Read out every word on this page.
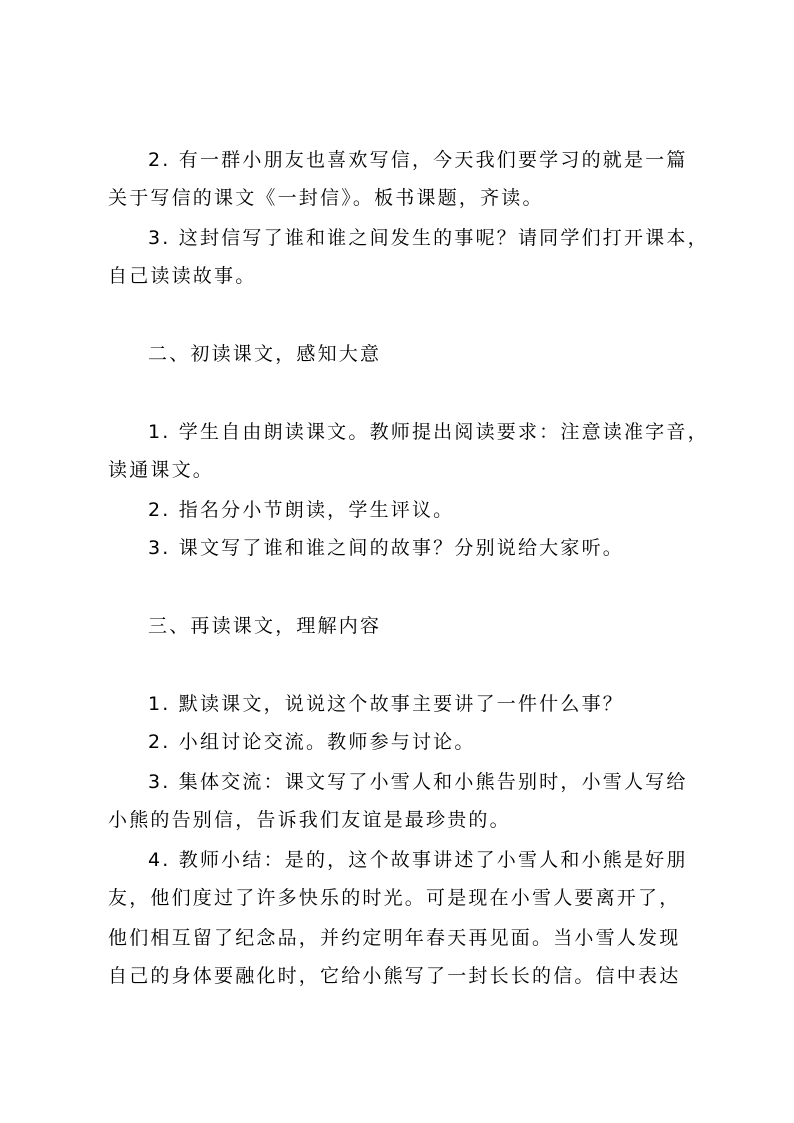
2. 有一群小朋友也喜欢写信，今天我们要学习的就是一篇

关于写信的课文《一封信》。板书课题，齐读。

3. 这封信写了谁和谁之间发生的事呢？请同学们打开课本，

自己读读故事。

二、初读课文，感知大意

1. 学生自由朗读课文。教师提出阅读要求：注意读准字音，

读通课文。

2. 指名分小节朗读，学生评议。

3. 课文写了谁和谁之间的故事？分别说给大家听。

三、再读课文，理解内容

1. 默读课文，说说这个故事主要讲了一件什么事？

2. 小组讨论交流。教师参与讨论。

3. 集体交流：课文写了小雪人和小熊告别时，小雪人写给

小熊的告别信，告诉我们友谊是最珍贵的。

4. 教师小结：是的，这个故事讲述了小雪人和小熊是好朋

友，他们度过了许多快乐的时光。可是现在小雪人要离开了，

他们相互留了纪念品，并约定明年春天再见面。当小雪人发现

自己的身体要融化时，它给小熊写了一封长长的信。信中表达
